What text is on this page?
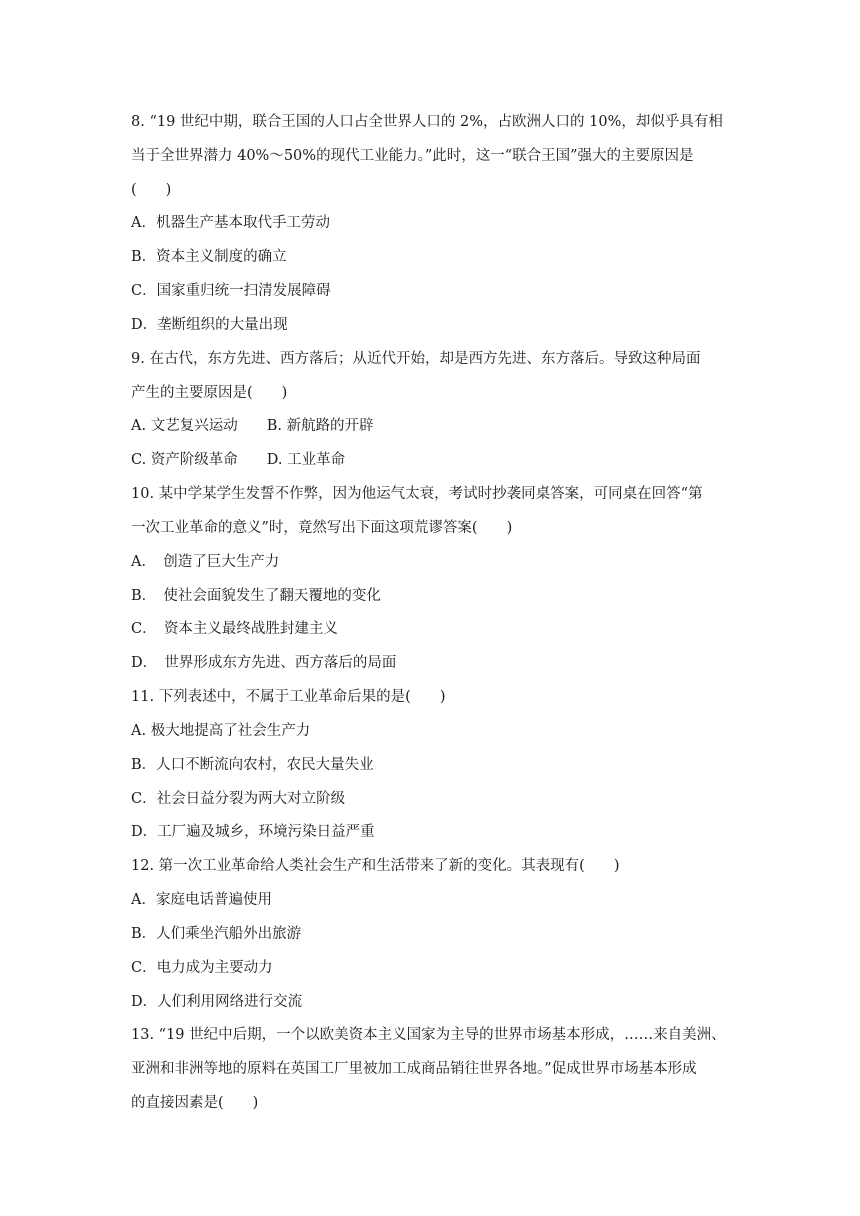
8. “19 世纪中期，联合王国的人口占全世界人口的 2%，占欧洲人口的 10%，却似乎具有相
当于全世界潜力 40%～50%的现代工业能力。”此时，这一“联合王国”强大的主要原因是
(　　)
A．机器生产基本取代手工劳动
B．资本主义制度的确立
C．国家重归统一扫清发展障碍
D．垄断组织的大量出现
9. 在古代，东方先进、西方落后；从近代开始，却是西方先进、东方落后。导致这种局面
产生的主要原因是(　　)
A. 文艺复兴运动　　B. 新航路的开辟
C. 资产阶级革命　　D. 工业革命
10. 某中学某学生发誓不作弊，因为他运气太衰，考试时抄袭同桌答案，可同桌在回答“第
一次工业革命的意义”时，竟然写出下面这项荒谬答案(　　)
A．　创造了巨大生产力
B．　使社会面貌发生了翻天覆地的变化
C．　资本主义最终战胜封建主义
D．　世界形成东方先进、西方落后的局面
11. 下列表述中，不属于工业革命后果的是(　　)
A. 极大地提高了社会生产力
B．人口不断流向农村，农民大量失业
C．社会日益分裂为两大对立阶级
D．工厂遍及城乡，环境污染日益严重
12. 第一次工业革命给人类社会生产和生活带来了新的变化。其表现有(　　)
A．家庭电话普遍使用
B．人们乘坐汽船外出旅游
C．电力成为主要动力
D．人们利用网络进行交流
13. “19 世纪中后期，一个以欧美资本主义国家为主导的世界市场基本形成，……来自美洲、
亚洲和非洲等地的原料在英国工厂里被加工成商品销往世界各地。”促成世界市场基本形成
的直接因素是(　　)
